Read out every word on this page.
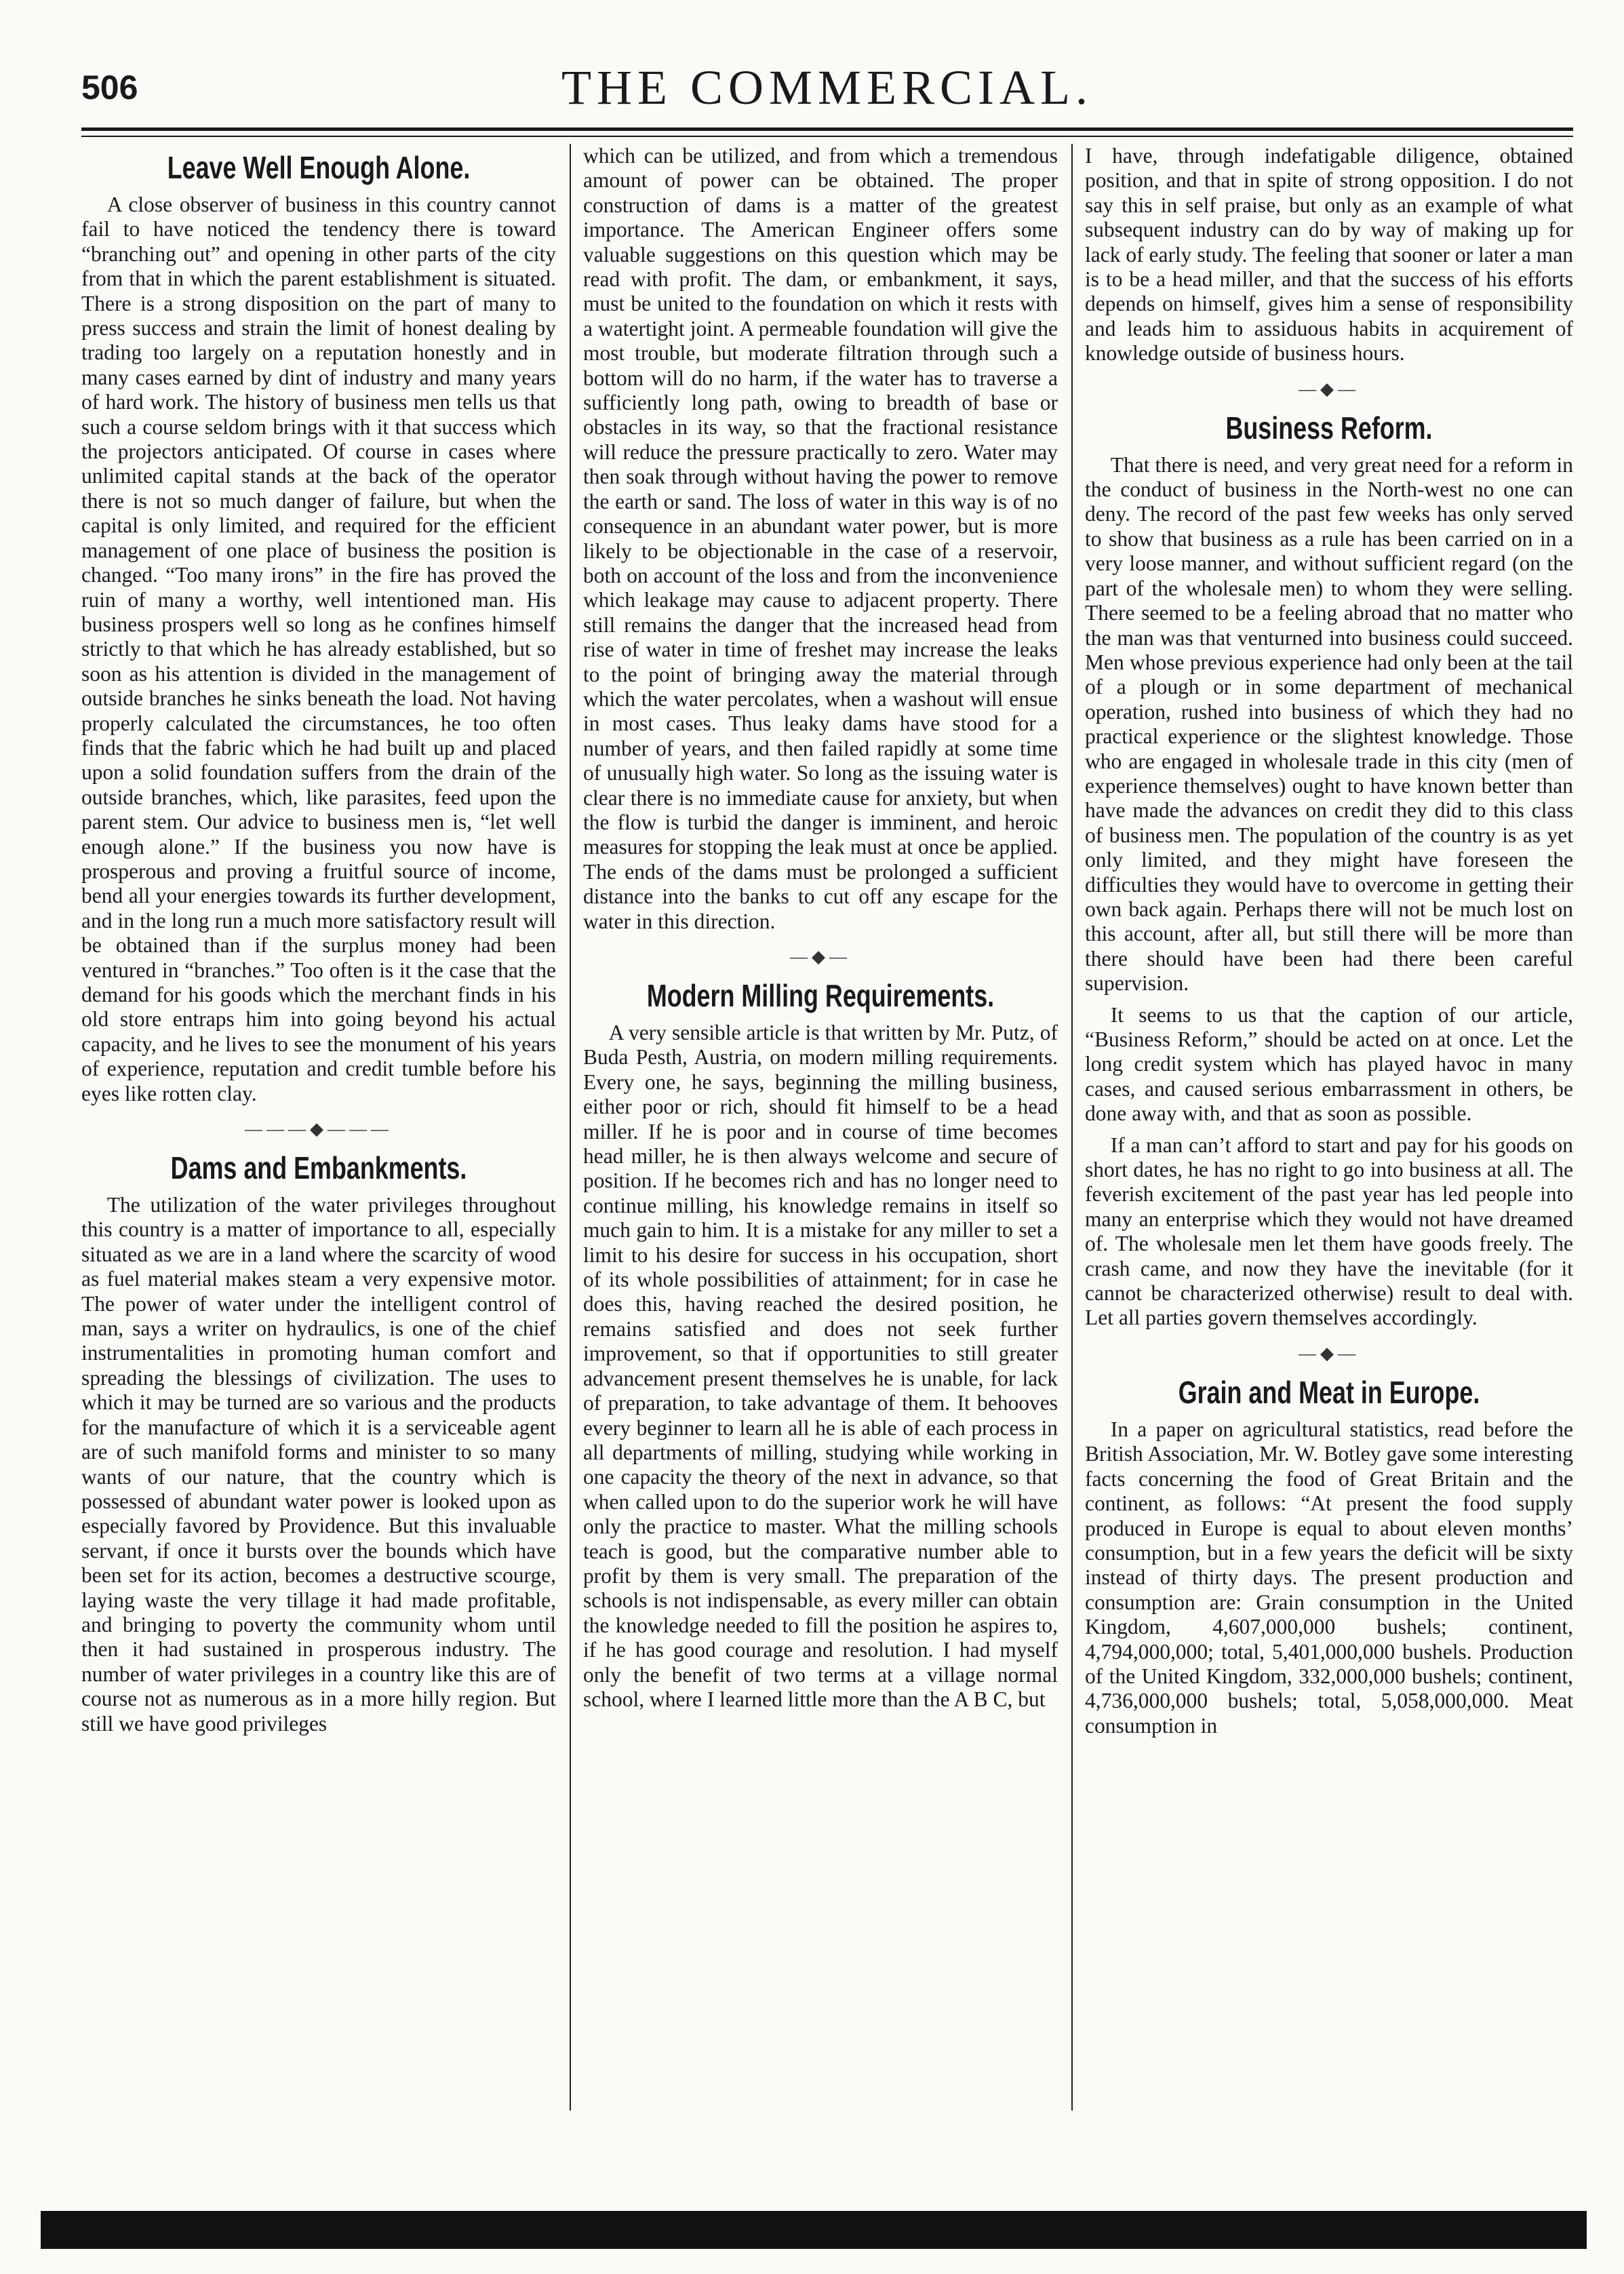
506	THE COMMERCIAL.
Leave Well Enough Alone.

A close observer of business in this country cannot fail to have noticed the tendency there is toward “branching out” and opening in other parts of the city from that in which the parent establishment is situated. There is a strong disposition on the part of many to press success and strain the limit of honest dealing by trading too largely on a reputation honestly and in many cases earned by dint of industry and many years of hard work. The history of business men tells us that such a course seldom brings with it that success which the projectors anticipated. Of course in cases where unlimited capital stands at the back of the operator there is not so much danger of failure, but when the capital is only limited, and required for the efficient management of one place of business the position is changed. “Too many irons” in the fire has proved the ruin of many a worthy, well intentioned man. His business prospers well so long as he confines himself strictly to that which he has already established, but so soon as his attention is divided in the management of outside branches he sinks beneath the load. Not having properly calculated the circumstances, he too often finds that the fabric which he had built up and placed upon a solid foundation suffers from the drain of the outside branches, which, like parasites, feed upon the parent stem. Our advice to business men is, “let well enough alone.” If the business you now have is prosperous and proving a fruitful source of income, bend all your energies towards its further development, and in the long run a much more satisfactory result will be obtained than if the surplus money had been ventured in “branches.” Too often is it the case that the demand for his goods which the merchant finds in his old store entraps him into going beyond his actual capacity, and he lives to see the monument of his years of experience, reputation and credit tumble before his eyes like rotten clay.

———◆———
Dams and Embankments.

The utilization of the water privileges throughout this country is a matter of importance to all, especially situated as we are in a land where the scarcity of wood as fuel material makes steam a very expensive motor. The power of water under the intelligent control of man, says a writer on hydraulics, is one of the chief instrumentalities in promoting human comfort and spreading the blessings of civilization. The uses to which it may be turned are so various and the products for the manufacture of which it is a serviceable agent are of such manifold forms and minister to so many wants of our nature, that the country which is possessed of abundant water power is looked upon as especially favored by Providence. But this invaluable servant, if once it bursts over the bounds which have been set for its action, becomes a destructive scourge, laying waste the very tillage it had made profitable, and bringing to poverty the community whom until then it had sustained in prosperous industry. The number of water privileges in a country like this are of course not as numerous as in a more hilly region. But still we have good privileges

which can be utilized, and from which a tremendous amount of power can be obtained. The proper construction of dams is a matter of the greatest importance. The American Engineer offers some valuable suggestions on this question which may be read with profit. The dam, or embankment, it says, must be united to the foundation on which it rests with a watertight joint. A permeable foundation will give the most trouble, but moderate filtration through such a bottom will do no harm, if the water has to traverse a sufficiently long path, owing to breadth of base or obstacles in its way, so that the fractional resistance will reduce the pressure practically to zero. Water may then soak through without having the power to remove the earth or sand. The loss of water in this way is of no consequence in an abundant water power, but is more likely to be objectionable in the case of a reservoir, both on account of the loss and from the inconvenience which leakage may cause to adjacent property. There still remains the danger that the increased head from rise of water in time of freshet may increase the leaks to the point of bringing away the material through which the water percolates, when a washout will ensue in most cases. Thus leaky dams have stood for a number of years, and then failed rapidly at some time of unusually high water. So long as the issuing water is clear there is no immediate cause for anxiety, but when the flow is turbid the danger is imminent, and heroic measures for stopping the leak must at once be applied. The ends of the dams must be prolonged a sufficient distance into the banks to cut off any escape for the water in this direction.

—◆—
Modern Milling Requirements.

A very sensible article is that written by Mr. Putz, of Buda Pesth, Austria, on modern milling requirements. Every one, he says, beginning the milling business, either poor or rich, should fit himself to be a head miller. If he is poor and in course of time becomes head miller, he is then always welcome and secure of position. If he becomes rich and has no longer need to continue milling, his knowledge remains in itself so much gain to him. It is a mistake for any miller to set a limit to his desire for success in his occupation, short of its whole possibilities of attainment; for in case he does this, having reached the desired position, he remains satisfied and does not seek further improvement, so that if opportunities to still greater advancement present themselves he is unable, for lack of preparation, to take advantage of them. It behooves every beginner to learn all he is able of each process in all departments of milling, studying while working in one capacity the theory of the next in advance, so that when called upon to do the superior work he will have only the practice to master. What the milling schools teach is good, but the comparative number able to profit by them is very small. The preparation of the schools is not indispensable, as every miller can obtain the knowledge needed to fill the position he aspires to, if he has good courage and resolution. I had myself only the benefit of two terms at a village normal school, where I learned little more than the A B C, but

I have, through indefatigable diligence, obtained position, and that in spite of strong opposition. I do not say this in self praise, but only as an example of what subsequent industry can do by way of making up for lack of early study. The feeling that sooner or later a man is to be a head miller, and that the success of his efforts depends on himself, gives him a sense of responsibility and leads him to assiduous habits in acquirement of knowledge outside of business hours.

—◆—
Business Reform.

That there is need, and very great need for a reform in the conduct of business in the North-west no one can deny. The record of the past few weeks has only served to show that business as a rule has been carried on in a very loose manner, and without sufficient regard (on the part of the wholesale men) to whom they were selling. There seemed to be a feeling abroad that no matter who the man was that venturned into business could succeed. Men whose previous experience had only been at the tail of a plough or in some department of mechanical operation, rushed into business of which they had no practical experience or the slightest knowledge. Those who are engaged in wholesale trade in this city (men of experience themselves) ought to have known better than have made the advances on credit they did to this class of business men. The population of the country is as yet only limited, and they might have foreseen the difficulties they would have to overcome in getting their own back again. Perhaps there will not be much lost on this account, after all, but still there will be more than there should have been had there been careful supervision.

It seems to us that the caption of our article, “Business Reform,” should be acted on at once. Let the long credit system which has played havoc in many cases, and caused serious embarrassment in others, be done away with, and that as soon as possible.

If a man can’t afford to start and pay for his goods on short dates, he has no right to go into business at all. The feverish excitement of the past year has led people into many an enterprise which they would not have dreamed of. The wholesale men let them have goods freely. The crash came, and now they have the inevitable (for it cannot be characterized otherwise) result to deal with. Let all parties govern themselves accordingly.

—◆—
Grain and Meat in Europe.

In a paper on agricultural statistics, read before the British Association, Mr. W. Botley gave some interesting facts concerning the food of Great Britain and the continent, as follows: “At present the food supply produced in Europe is equal to about eleven months’ consumption, but in a few years the deficit will be sixty instead of thirty days. The present production and consumption are: Grain consumption in the United Kingdom, 4,607,000,000 bushels; continent, 4,794,000,000; total, 5,401,000,000 bushels. Production of the United Kingdom, 332,000,000 bushels; continent, 4,736,000,000 bushels; total, 5,058,000,000. Meat consumption in
